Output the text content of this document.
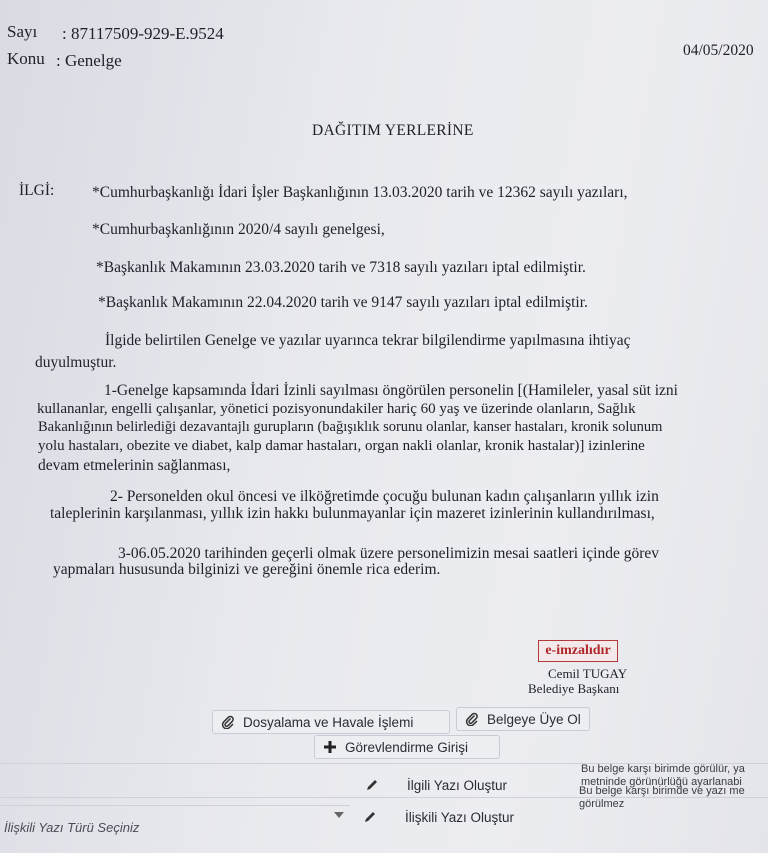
Sayı : 87117509-929-E.9524
Konu : Genelge
04/05/2020
DAĞITIM YERLERİNE
İLGİ: *Cumhurbaşkanlığı İdari İşler Başkanlığının 13.03.2020 tarih ve 12362 sayılı yazıları,
*Cumhurbaşkanlığının 2020/4 sayılı genelgesi,
*Başkanlık Makamının 23.03.2020 tarih ve 7318 sayılı yazıları iptal edilmiştir.
*Başkanlık Makamının 22.04.2020 tarih ve 9147 sayılı yazıları iptal edilmiştir.
İlgide belirtilen Genelge ve yazılar uyarınca tekrar bilgilendirme yapılmasına ihtiyaç
duyulmuştur.
1-Genelge kapsamında İdari İzinli sayılması öngörülen personelin [(Hamileler, yasal süt izni
kullananlar, engelli çalışanlar, yönetici pozisyonundakiler hariç 60 yaş ve üzerinde olanların, Sağlık
Bakanlığının belirlediği dezavantajlı gurupların (bağışıklık sorunu olanlar, kanser hastaları, kronik solunum
yolu hastaları, obezite ve diabet, kalp damar hastaları, organ nakli olanlar, kronik hastalar)] izinlerine
devam etmelerinin sağlanması,
2- Personelden okul öncesi ve ilköğretimde çocuğu bulunan kadın çalışanların yıllık izin
taleplerinin karşılanması, yıllık izin hakkı bulunmayanlar için mazeret izinlerinin kullandırılması,
3-06.05.2020 tarihinden geçerli olmak üzere personelimizin mesai saatleri içinde görev
yapmaları hususunda bilginizi ve gereğini önemle rica ederim.
e-imzalıdır
Cemil TUGAY
Belediye Başkanı
Dosyalama ve Havale İşlemi	Belgeye Üye Ol
Görevlendirme Girişi
İlgili Yazı Oluştur
Bu belge karşı birimde görülür, ya
metninde görünürlüğü ayarlanabi
İlişkili Yazı Oluştur
Bu belge karşı birimde ve yazı me
görülmez
İlişkili Yazı Türü Seçiniz
